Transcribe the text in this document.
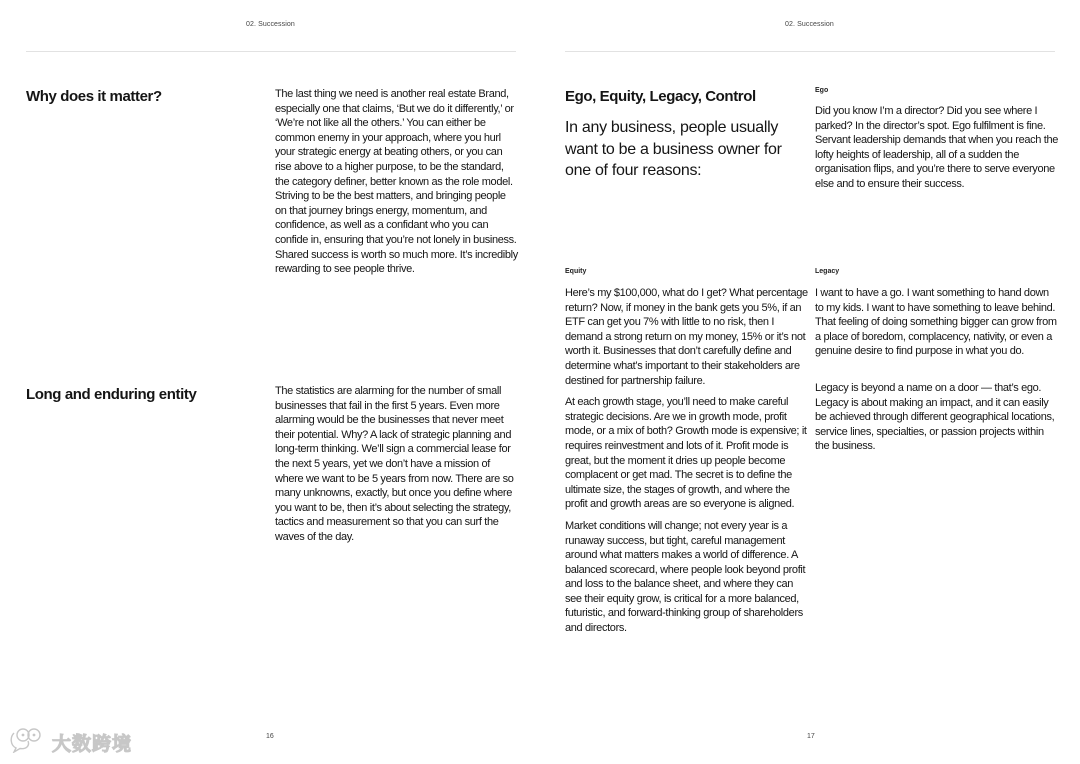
02. Succession
Why does it matter?	The last thing we need is another real estate Brand, especially one that claims, ‘But we do it differently,’ or ‘We’re not like all the others.’ You can either be common enemy in your approach, where you hurl your strategic energy at beating others, or you can rise above to a higher purpose, to be the standard, the category definer, better known as the role model. Striving to be the best matters, and bringing people on that journey brings energy, momentum, and confidence, as well as a confidant who you can confide in, ensuring that you’re not lonely in business. Shared success is worth so much more. It’s incredibly rewarding to see people thrive.

Long and enduring entity	The statistics are alarming for the number of small businesses that fail in the first 5 years. Even more alarming would be the businesses that never meet their potential. Why? A lack of strategic planning and long-term thinking. We’ll sign a commercial lease for the next 5 years, yet we don’t have a mission of where we want to be 5 years from now. There are so many unknowns, exactly, but once you define where you want to be, then it’s about selecting the strategy, tactics and measurement so that you can surf the waves of the day.

16
02. Succession
Ego, Equity, Legacy, Control

In any business, people usually want to be a business owner for one of four reasons:

Ego

Did you know I’m a director? Did you see where I parked? In the director’s spot. Ego fulfilment is fine. Servant leadership demands that when you reach the lofty heights of leadership, all of a sudden the organisation flips, and you’re there to serve everyone else and to ensure their success.

Equity

Here’s my $100,000, what do I get? What percentage return? Now, if money in the bank gets you 5%, if an ETF can get you 7% with little to no risk, then I demand a strong return on my money, 15% or it’s not worth it. Businesses that don’t carefully define and determine what’s important to their stakeholders are destined for partnership failure.

At each growth stage, you’ll need to make careful strategic decisions. Are we in growth mode, profit mode, or a mix of both? Growth mode is expensive; it requires reinvestment and lots of it. Profit mode is great, but the moment it dries up people become complacent or get mad. The secret is to define the ultimate size, the stages of growth, and where the profit and growth areas are so everyone is aligned.

Market conditions will change; not every year is a runaway success, but tight, careful management around what matters makes a world of difference. A balanced scorecard, where people look beyond profit and loss to the balance sheet, and where they can see their equity grow, is critical for a more balanced, futuristic, and forward-thinking group of shareholders and directors.

Legacy

I want to have a go. I want something to hand down to my kids. I want to have something to leave behind. That feeling of doing something bigger can grow from a place of boredom, complacency, nativity, or even a genuine desire to find purpose in what you do.

Legacy is beyond a name on a door — that’s ego. Legacy is about making an impact, and it can easily be achieved through different geographical locations, service lines, specialties, or passion projects within the business.

17
大数跨境
